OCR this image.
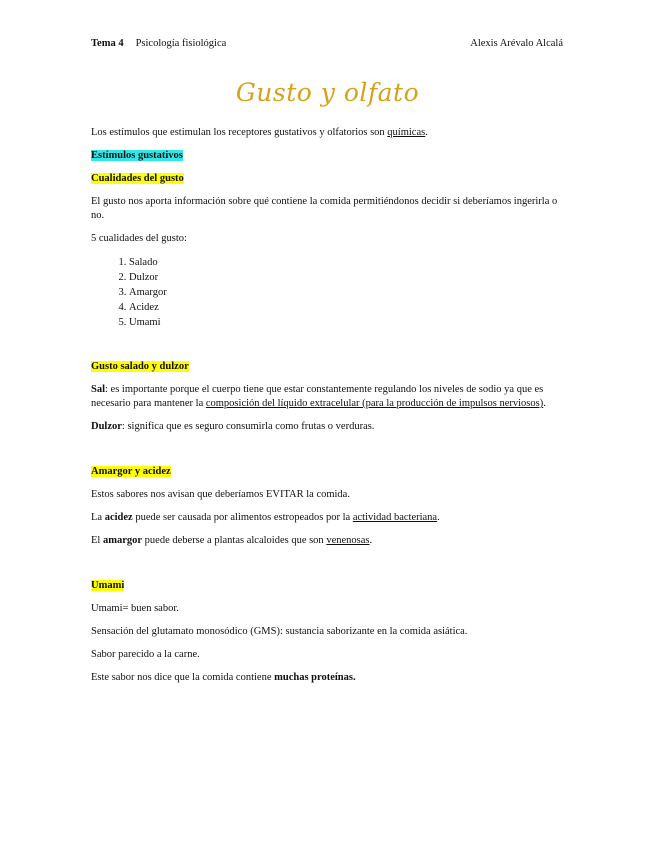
Tema 4 Psicología fisiológica	Alexis Arévalo Alcalá
Gusto y olfato

Los estímulos que estimulan los receptores gustativos y olfatorios son químicas.

Estímulos gustativos

Cualidades del gusto

El gusto nos aporta información sobre qué contiene la comida permitiéndonos decidir si deberíamos ingerirla o no.

5 cualidades del gusto:

1. Salado
2. Dulzor
3. Amargor
4. Acidez
5. Umami

Gusto salado y dulzor

Sal: es importante porque el cuerpo tiene que estar constantemente regulando los niveles de sodio ya que es necesario para mantener la composición del líquido extracelular (para la producción de impulsos nerviosos).

Dulzor: significa que es seguro consumirla como frutas o verduras.

Amargor y acidez

Estos sabores nos avisan que deberíamos EVITAR la comida.

La acidez puede ser causada por alimentos estropeados por la actividad bacteriana.

El amargor puede deberse a plantas alcaloides que son venenosas.

Umami

Umami= buen sabor.

Sensación del glutamato monosódico (GMS): sustancia saborizante en la comida asiática.

Sabor parecido a la carne.

Este sabor nos dice que la comida contiene muchas proteínas.
